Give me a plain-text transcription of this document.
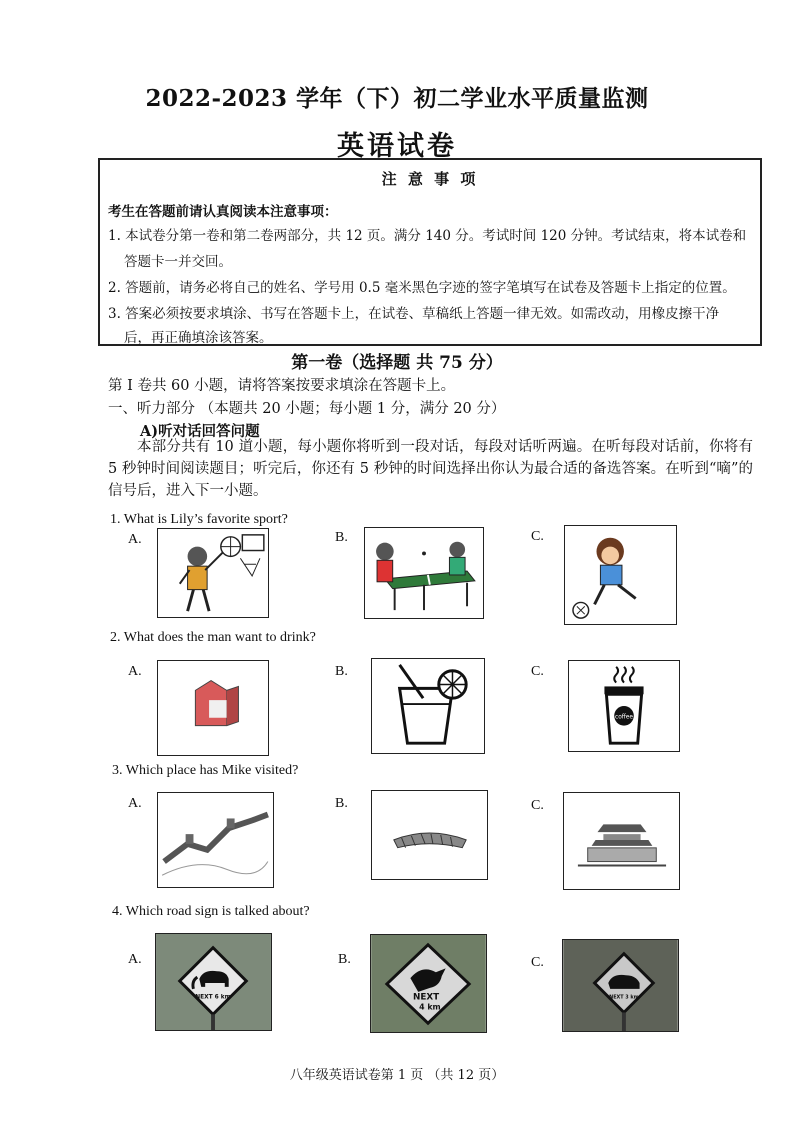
2022-2023 学年（下）初二学业水平质量监测
英语试卷
注 意 事 项
考生在答题前请认真阅读本注意事项：
1. 本试卷分第一卷和第二卷两部分，共 12 页。满分 140 分。考试时间 120 分钟。考试结束，将本试卷和
答题卡一并交回。
2. 答题前，请务必将自己的姓名、学号用 0.5 毫米黑色字迹的签字笔填写在试卷及答题卡上指定的位置。
3. 答案必须按要求填涂、书写在答题卡上，在试卷、草稿纸上答题一律无效。如需改动，用橡皮擦干净
后，再正确填涂该答案。
第一卷（选择题 共 75 分）
第 I 卷共 60 小题，请将答案按要求填涂在答题卡上。
一、听力部分 （本题共 20 小题；每小题 1 分，满分 20 分）
A)听对话回答问题
本部分共有 10 道小题，每小题你将听到一段对话，每段对话听两遍。在听每段对话前，你将有 5 秒钟时间阅读题目；听完后，你还有 5 秒钟的时间选择出你认为最合适的备选答案。在听到“嘀”的信号后，进入下一小题。
1. What is Lily’s favorite sport?
A.	B.	C.
2. What does the man want to drink?
A.	B.	C.
coffee
3. Which place has Mike visited?
A.	B.	C.
4. Which road sign is talked about?
A.
NEXT 6 km
B.
NEXT
4 km
C.
NEXT 3 km
八年级英语试卷第 1 页 （共 12 页）
